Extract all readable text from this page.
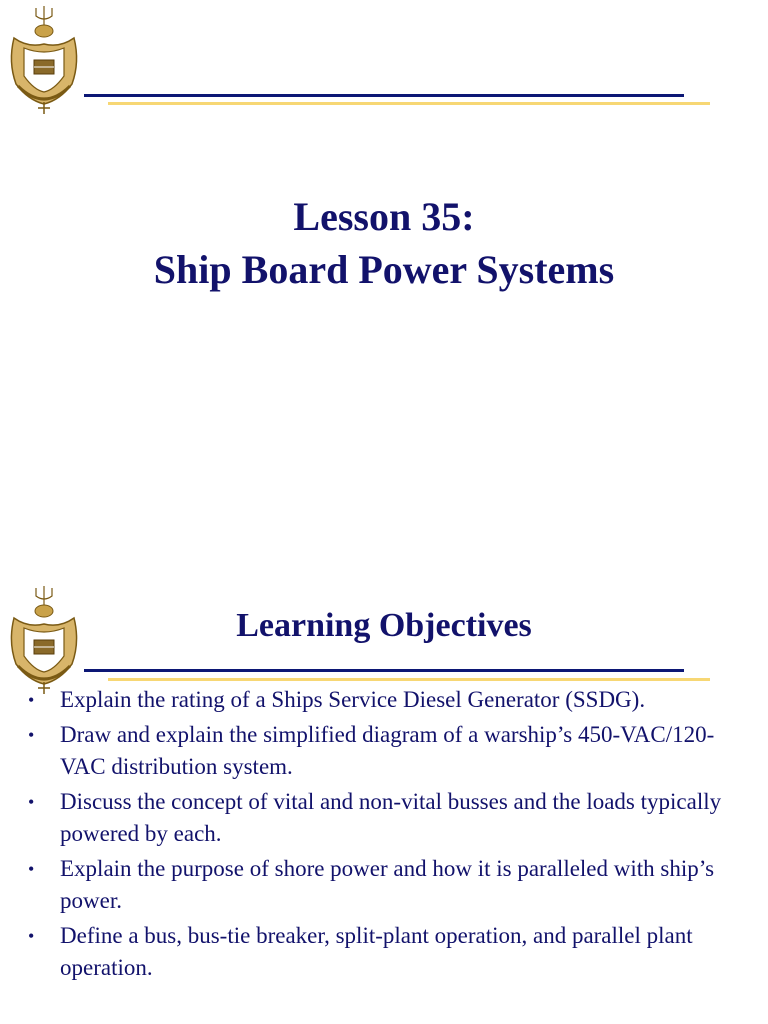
Lesson 35:
Ship Board Power Systems
Learning Objectives
• Explain the rating of a Ships Service Diesel Generator (SSDG).
• Draw and explain the simplified diagram of a warship’s 450-VAC/120-VAC distribution system.
• Discuss the concept of vital and non-vital busses and the loads typically powered by each.
• Explain the purpose of shore power and how it is paralleled with ship’s power.
• Define a bus, bus-tie breaker, split-plant operation, and parallel plant operation.
